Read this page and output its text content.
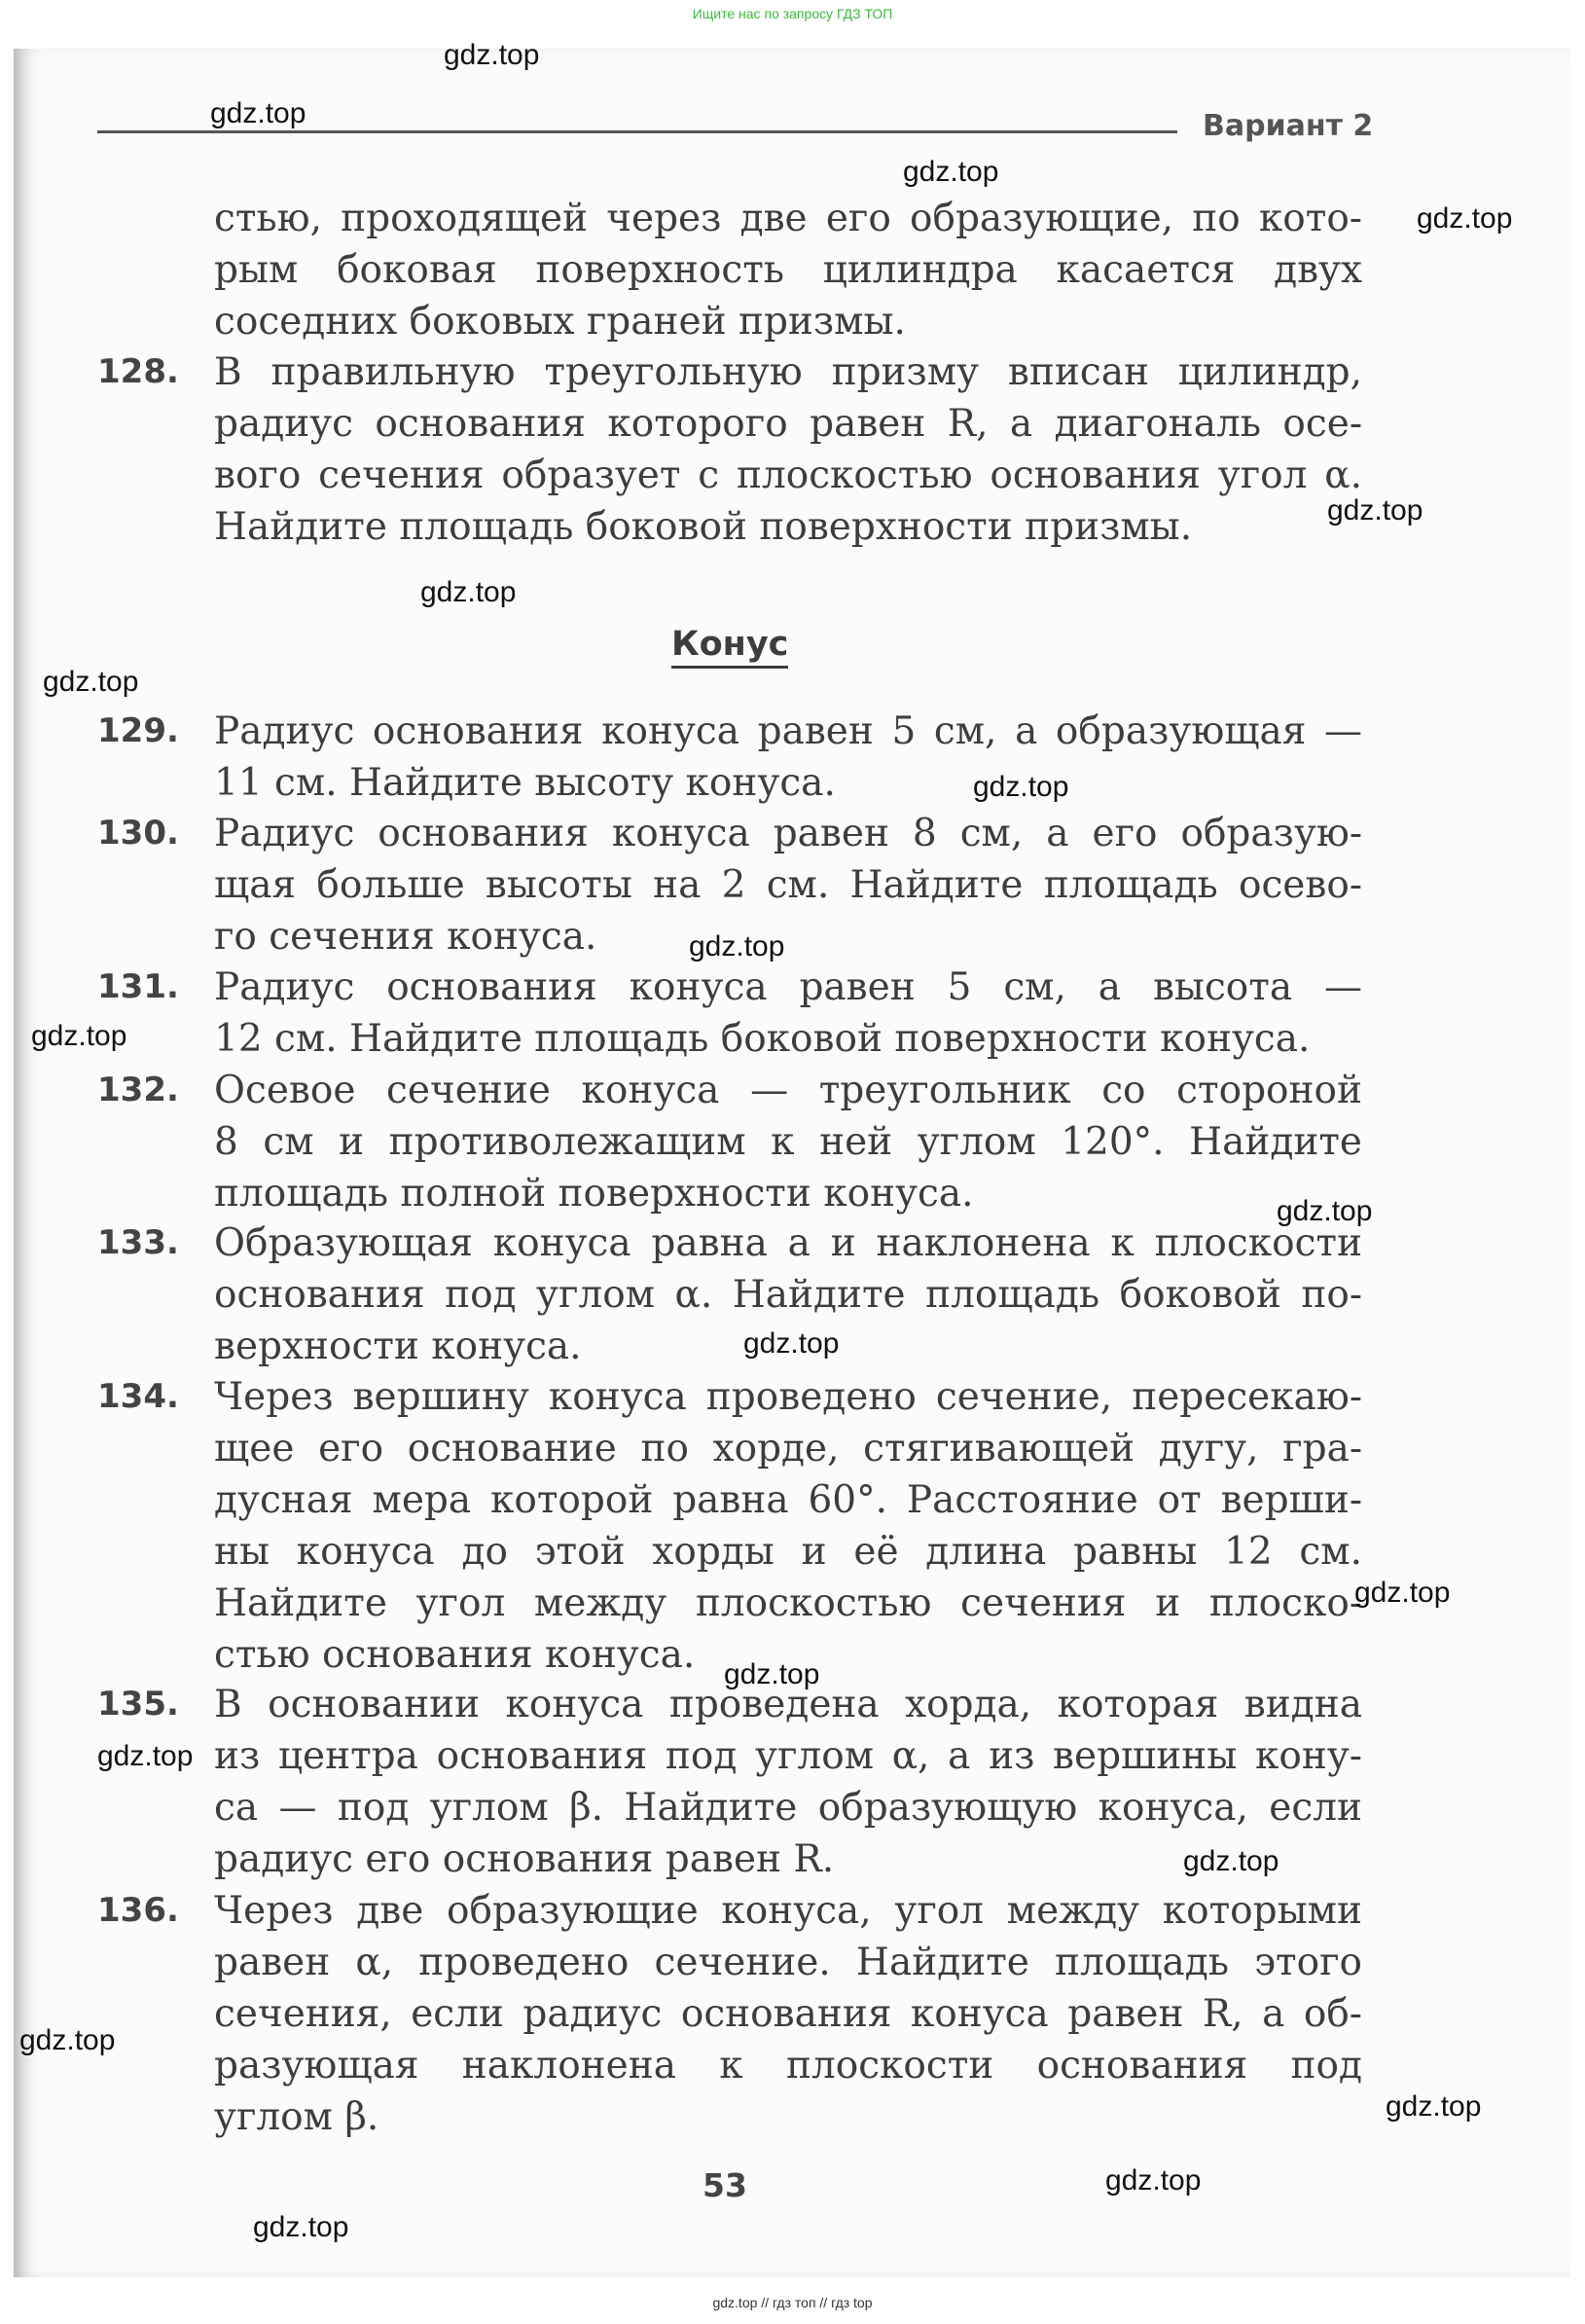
Ищите нас по запросу ГДЗ ТОП
Вариант 2
стью, проходящей через две его образующие, по кото-
рым боковая поверхность цилиндра касается двух
соседних боковых граней призмы.
128. В правильную треугольную призму вписан цилиндр,
радиус основания которого равен R, а диагональ осе-
вого сечения образует с плоскостью основания угол α.
Найдите площадь боковой поверхности призмы.
Конус
129. Радиус основания конуса равен 5 см, а образующая —
11 см. Найдите высоту конуса.
130. Радиус основания конуса равен 8 см, а его образую-
щая больше высоты на 2 см. Найдите площадь осево-
го сечения конуса.
131. Радиус основания конуса равен 5 см, а высота —
12 см. Найдите площадь боковой поверхности конуса.
132. Осевое сечение конуса — треугольник со стороной
8 см и противолежащим к ней углом 120°. Найдите
площадь полной поверхности конуса.
133. Образующая конуса равна a и наклонена к плоскости
основания под углом α. Найдите площадь боковой по-
верхности конуса.
134. Через вершину конуса проведено сечение, пересекаю-
щее его основание по хорде, стягивающей дугу, гра-
дусная мера которой равна 60°. Расстояние от верши-
ны конуса до этой хорды и её длина равны 12 см.
Найдите угол между плоскостью сечения и плоско-
стью основания конуса.
135. В основании конуса проведена хорда, которая видна
из центра основания под углом α, а из вершины кону-
са — под углом β. Найдите образующую конуса, если
радиус его основания равен R.
136. Через две образующие конуса, угол между которыми
равен α, проведено сечение. Найдите площадь этого
сечения, если радиус основания конуса равен R, а об-
разующая наклонена к плоскости основания под
углом β.
53
gdz.top
gdz.top
gdz.top
gdz.top
gdz.top
gdz.top
gdz.top
gdz.top
gdz.top
gdz.top
gdz.top
gdz.top
gdz.top
gdz.top
gdz.top
gdz.top
gdz.top
gdz.top
gdz.top
gdz.top
gdz.top // гдз топ // гдз top
